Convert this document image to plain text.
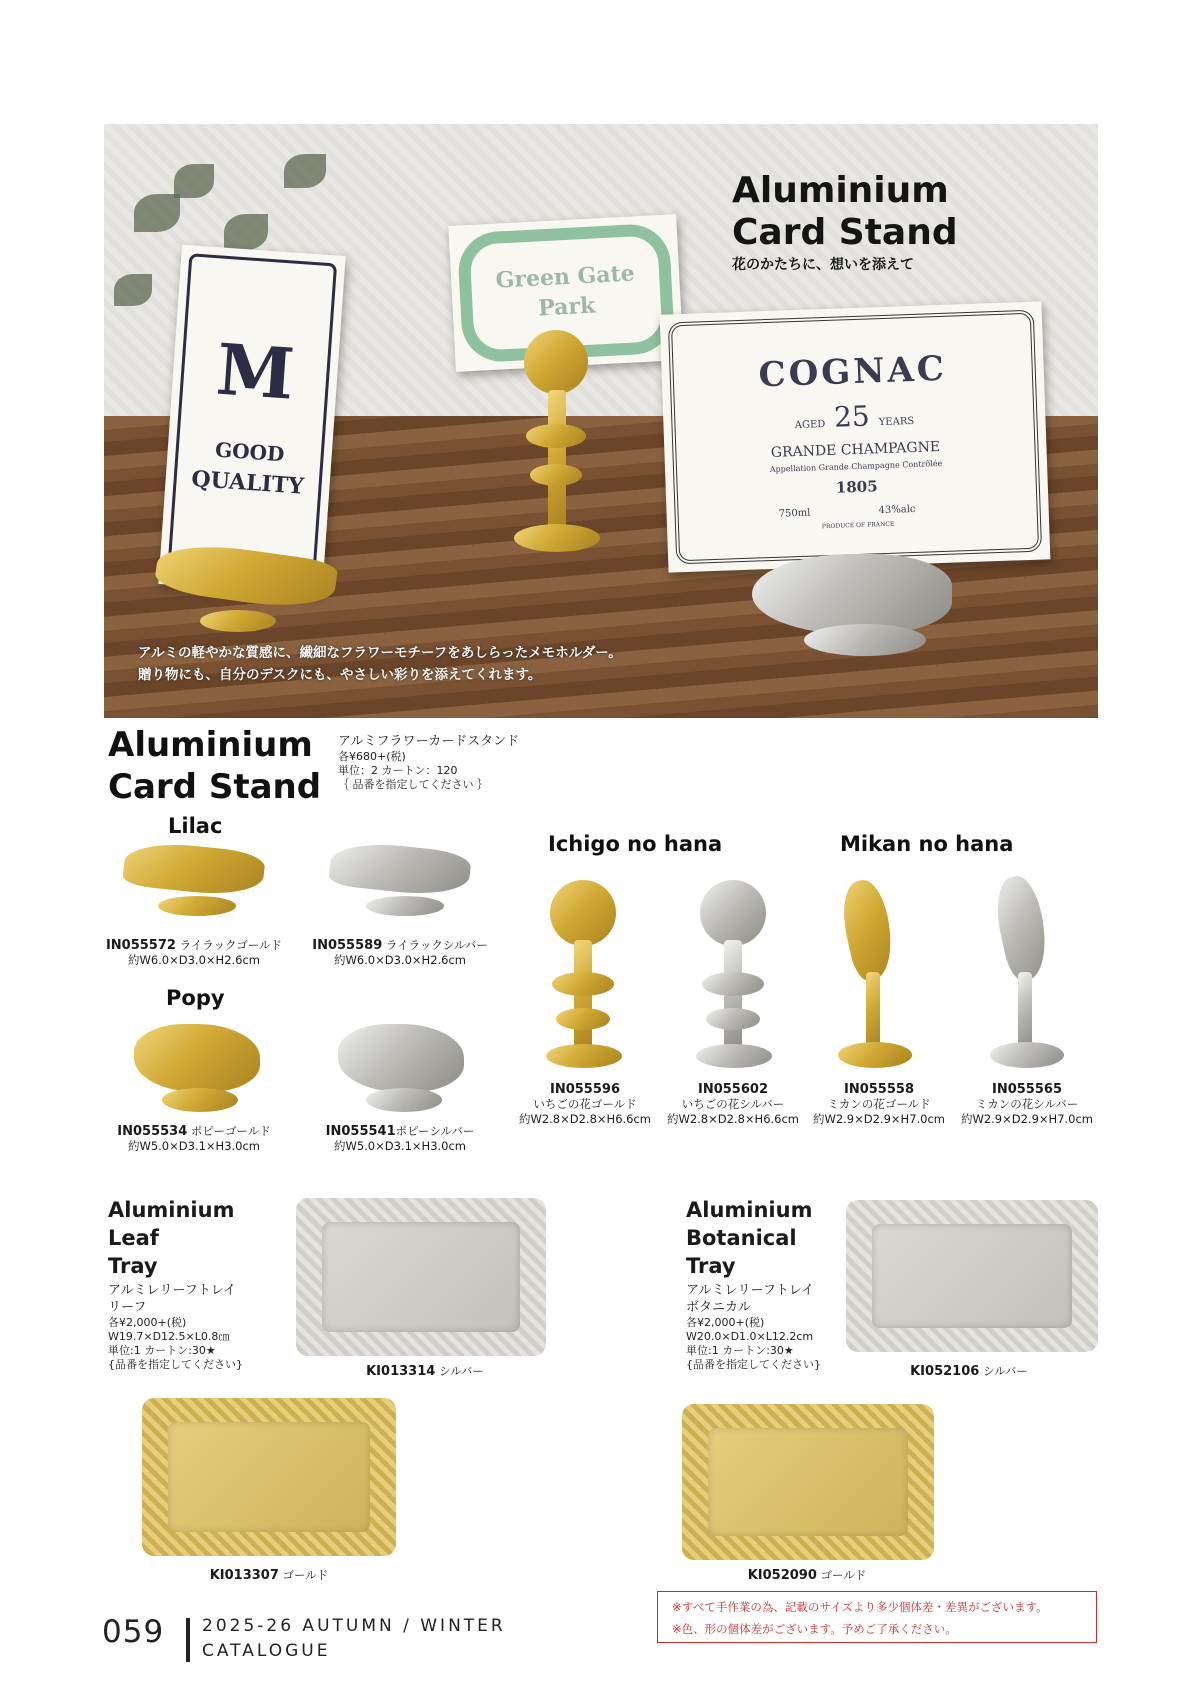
M
GOOD
QUALITY
Green Gate Park
COGNAC
AGED 25 YEARS
GRANDE CHAMPAGNE
Appellation Grande Champagne Contrôlée
1805
750ml	43%alc
PRODUCE OF FRANCE
Aluminium
Card Stand
花のかたちに、想いを添えて
アルミの軽やかな質感に、繊細なフラワーモチーフをあしらったメモホルダー。
贈り物にも、自分のデスクにも、やさしい彩りを添えてくれます。
Aluminium
Card Stand
アルミフラワーカードスタンド
各¥680+(税)
単位：2 カートン：120
｛ 品番を指定してください ｝
Lilac
IN055572 ライラックゴールド
約W6.0×D3.0×H2.6cm
IN055589 ライラックシルバー
約W6.0×D3.0×H2.6cm
Popy
IN055534 ポピーゴールド
約W5.0×D3.1×H3.0cm
IN055541ポピーシルバー
約W5.0×D3.1×H3.0cm
Ichigo no hana
IN055596
いちごの花ゴールド
約W2.8×D2.8×H6.6cm
IN055602
いちごの花シルバー
約W2.8×D2.8×H6.6cm
Mikan no hana
IN055558
ミカンの花ゴールド
約W2.9×D2.9×H7.0cm
IN055565
ミカンの花シルバー
約W2.9×D2.9×H7.0cm
Aluminium
Leaf
Tray
アルミレリーフトレイ
リーフ
各¥2,000+(税)
W19.7×D12.5×L0.8㎝
単位:1 カートン:30★
{品番を指定してください}	KI013314 シルバー
KI013307 ゴールド
Aluminium
Botanical
Tray
アルミレリーフトレイ
ボタニカル
各¥2,000+(税)
W20.0×D1.0×L12.2cm
単位:1 カートン:30★
{品番を指定してください}	KI052106 シルバー
KI052090 ゴールド
※すべて手作業の為、記載のサイズより多少個体差・差異がございます。
※色、形の個体差がございます。予めご了承ください。
059 2025-26 AUTUMN / WINTER
CATALOGUE
